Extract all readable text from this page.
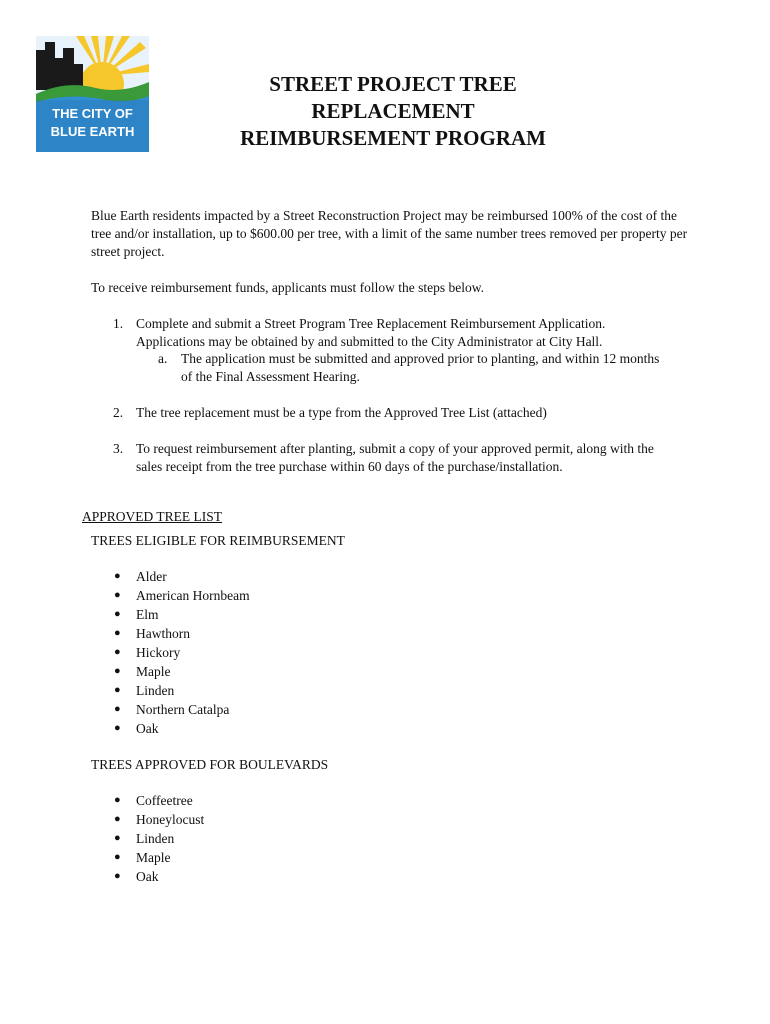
THE CITY OF
BLUE EARTH
STREET PROJECT TREE
REPLACEMENT
REIMBURSEMENT PROGRAM
Blue Earth residents impacted by a Street Reconstruction Project may be reimbursed 100% of the cost of the tree and/or installation, up to $600.00 per tree, with a limit of the same number trees removed per property per street project.
To receive reimbursement funds, applicants must follow the steps below.
1. Complete and submit a Street Program Tree Replacement Reimbursement Application. Applications may be obtained by and submitted to the City Administrator at City Hall.
a. The application must be submitted and approved prior to planting, and within 12 months of the Final Assessment Hearing.
2. The tree replacement must be a type from the Approved Tree List (attached)
3. To request reimbursement after planting, submit a copy of your approved permit, along with the sales receipt from the tree purchase within 60 days of the purchase/installation.
APPROVED TREE LIST
TREES ELIGIBLE FOR REIMBURSEMENT
● Alder
● American Hornbeam
● Elm
● Hawthorn
● Hickory
● Maple
● Linden
● Northern Catalpa
● Oak
TREES APPROVED FOR BOULEVARDS
● Coffeetree
● Honeylocust
● Linden
● Maple
● Oak
